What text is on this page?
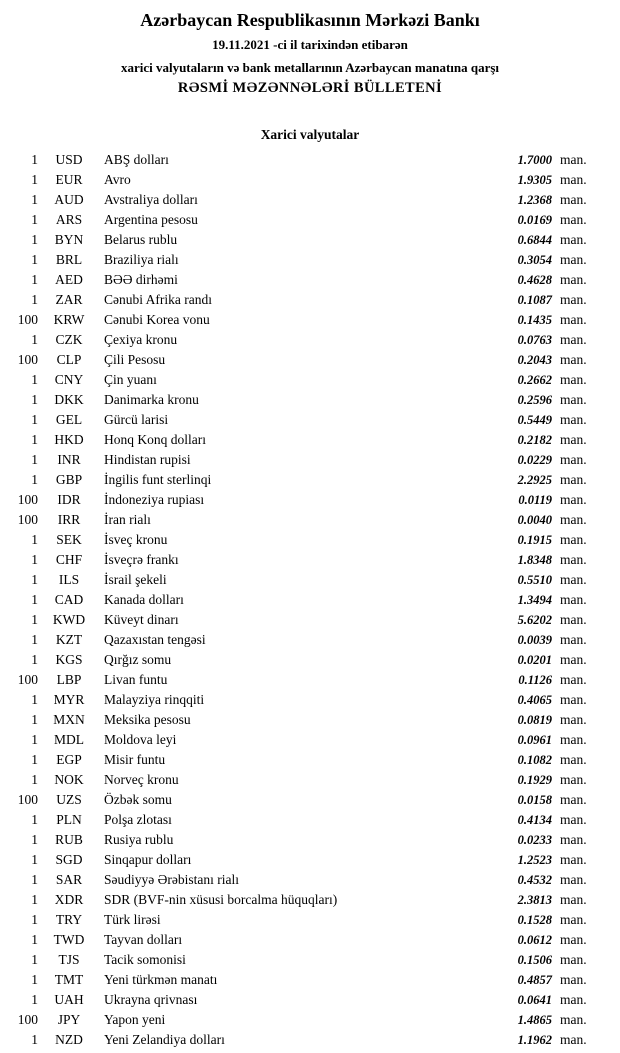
Azərbaycan Respublikasının Mərkəzi Bankı
19.11.2021 -ci il tarixindən etibarən
xarici valyutaların və bank metallarının Azərbaycan manatına qarşı
RƏSMİ MƏZƏNNƏLƏRİ BÜLLETENİ
Xarici valyutalar
1	USD	ABŞ dolları	1.7000 man.
1	EUR	Avro	1.9305 man.
1	AUD	Avstraliya dolları	1.2368 man.
1	ARS	Argentina pesosu	0.0169 man.
1	BYN	Belarus rublu	0.6844 man.
1	BRL	Braziliya rialı	0.3054 man.
1	AED	BƏƏ dirhəmi	0.4628 man.
1	ZAR	Cənubi Afrika randı	0.1087 man.
100	KRW	Cənubi Korea vonu	0.1435 man.
1	CZK	Çexiya kronu	0.0763 man.
100	CLP	Çili Pesosu	0.2043 man.
1	CNY	Çin yuanı	0.2662 man.
1	DKK	Danimarka kronu	0.2596 man.
1	GEL	Gürcü larisi	0.5449 man.
1	HKD	Honq Konq dolları	0.2182 man.
1	INR	Hindistan rupisi	0.0229 man.
1	GBP	İngilis funt sterlinqi	2.2925 man.
100	IDR	İndoneziya rupiası	0.0119 man.
100	IRR	İran rialı	0.0040 man.
1	SEK	İsveç kronu	0.1915 man.
1	CHF	İsveçrə frankı	1.8348 man.
1	ILS	İsrail şekeli	0.5510 man.
1	CAD	Kanada dolları	1.3494 man.
1	KWD	Küveyt dinarı	5.6202 man.
1	KZT	Qazaxıstan tengəsi	0.0039 man.
1	KGS	Qırğız somu	0.0201 man.
100	LBP	Livan funtu	0.1126 man.
1	MYR	Malayziya rinqqiti	0.4065 man.
1	MXN	Meksika pesosu	0.0819 man.
1	MDL	Moldova leyi	0.0961 man.
1	EGP	Misir funtu	0.1082 man.
1	NOK	Norveç kronu	0.1929 man.
100	UZS	Özbək somu	0.0158 man.
1	PLN	Polşa zlotası	0.4134 man.
1	RUB	Rusiya rublu	0.0233 man.
1	SGD	Sinqapur dolları	1.2523 man.
1	SAR	Səudiyyə Ərəbistanı rialı	0.4532 man.
1	XDR	SDR (BVF-nin xüsusi borcalma hüquqları)	2.3813 man.
1	TRY	Türk lirəsi	0.1528 man.
1	TWD	Tayvan dolları	0.0612 man.
1	TJS	Tacik somonisi	0.1506 man.
1	TMT	Yeni türkmən manatı	0.4857 man.
1	UAH	Ukrayna qrivnası	0.0641 man.
100	JPY	Yapon yeni	1.4865 man.
1	NZD	Yeni Zelandiya dolları	1.1962 man.
